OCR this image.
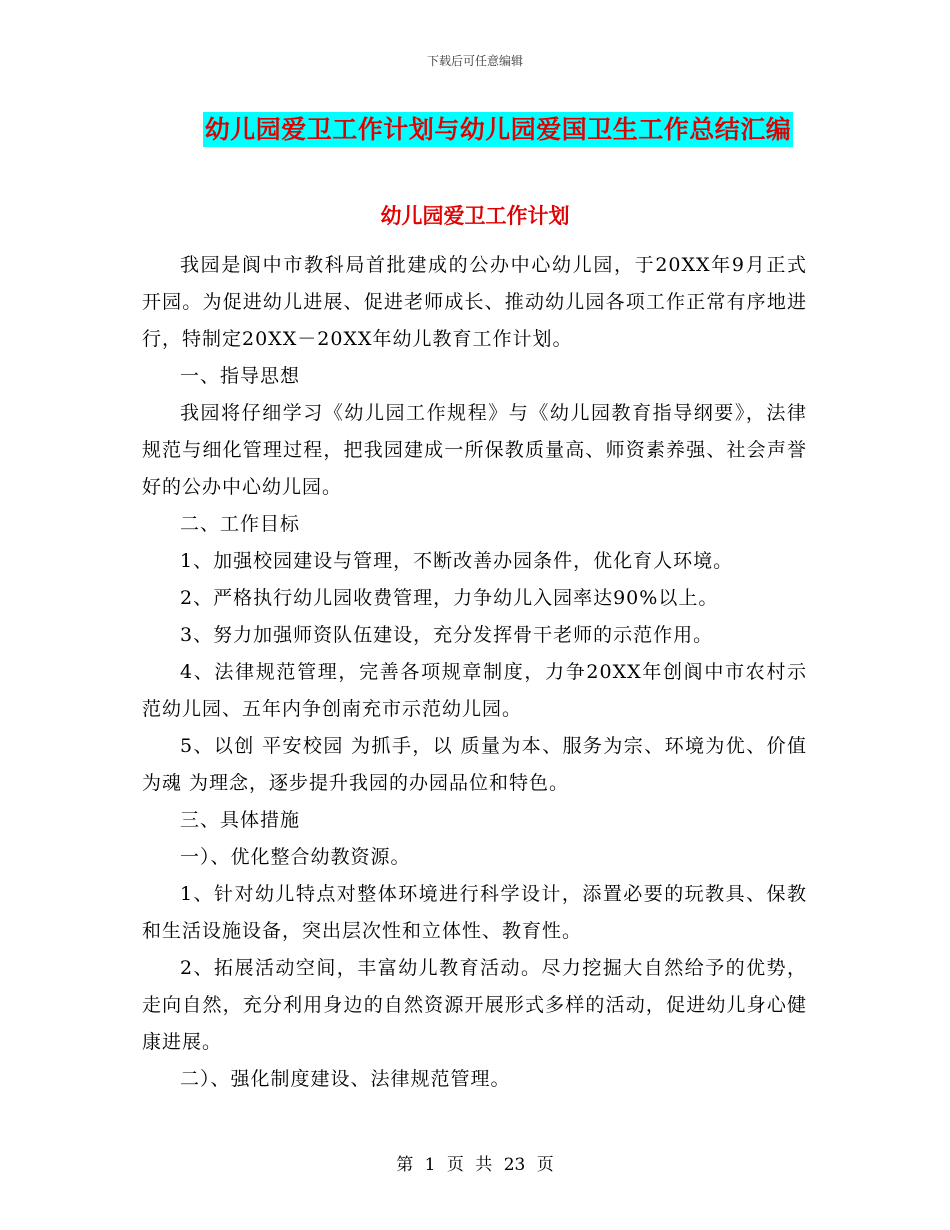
下载后可任意编辑
幼儿园爱卫工作计划与幼儿园爱国卫生工作总结汇编
幼儿园爱卫工作计划

我园是阆中市教科局首批建成的公办中心幼儿园，于20XX年9月正式开园。为促进幼儿进展、促进老师成长、推动幼儿园各项工作正常有序地进行，特制定20XX－20XX年幼儿教育工作计划。

一、指导思想

我园将仔细学习《幼儿园工作规程》与《幼儿园教育指导纲要》，法律规范与细化管理过程，把我园建成一所保教质量高、师资素养强、社会声誉好的公办中心幼儿园。

二、工作目标

1、加强校园建设与管理，不断改善办园条件，优化育人环境。

2、严格执行幼儿园收费管理，力争幼儿入园率达90%以上。

3、努力加强师资队伍建设，充分发挥骨干老师的示范作用。

4、法律规范管理，完善各项规章制度，力争20XX年创阆中市农村示范幼儿园、五年内争创南充市示范幼儿园。

5、以创 平安校园 为抓手，以 质量为本、服务为宗、环境为优、价值为魂 为理念，逐步提升我园的办园品位和特色。

三、具体措施

一）、优化整合幼教资源。

1、针对幼儿特点对整体环境进行科学设计，添置必要的玩教具、保教和生活设施设备，突出层次性和立体性、教育性。

2、拓展活动空间，丰富幼儿教育活动。尽力挖掘大自然给予的优势，走向自然，充分利用身边的自然资源开展形式多样的活动，促进幼儿身心健康进展。

二）、强化制度建设、法律规范管理。

第 1 页 共 23 页
